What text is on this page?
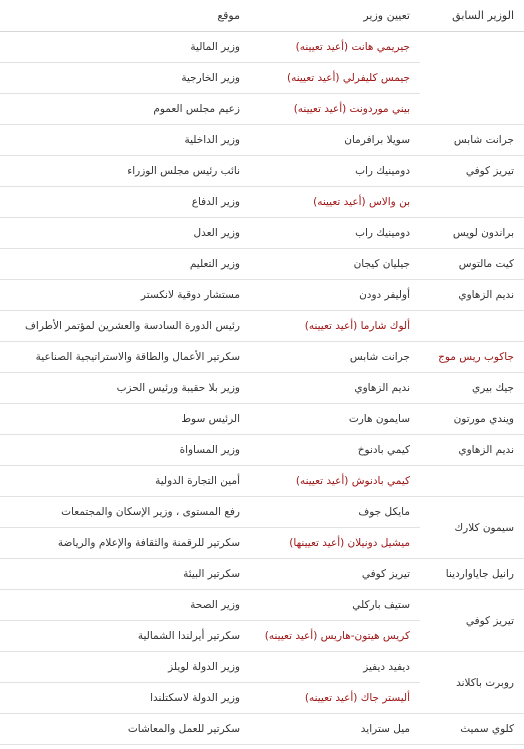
الوزير السابق	تعيين وزير	موقع
	جيريمي هانت (أعيد تعيينه)	وزير المالية
	جيمس كليفرلي (أعيد تعيينه)	وزير الخارجية
	بيني موردونت (أعيد تعيينه)	زعيم مجلس العموم
جرانت شابس	سويلا برافرمان	وزير الداخلية
تيريز كوفي	دومينيك راب	نائب رئيس مجلس الوزراء
	بن والاس (أعيد تعيينه)	وزير الدفاع
براندون لويس	دومينيك راب	وزير العدل
كيت مالتوس	جيليان كيجان	وزير التعليم
نديم الزهاوي	أوليفر دودن	مستشار دوقية لانكستر
	ألوك شارما (أعيد تعيينه)	رئيس الدورة السادسة والعشرين لمؤتمر الأطراف
جاكوب ريس موج	جرانت شابس	سكرتير الأعمال والطاقة والاستراتيجية الصناعية
جيك بيري	نديم الزهاوي	وزير بلا حقيبة ورئيس الحزب
ويندي مورتون	سايمون هارت	الرئيس سوط
نديم الزهاوي	كيمي بادنوخ	وزير المساواة
	كيمي بادنوش (أعيد تعيينه)	أمين التجارة الدولية
سيمون كلارك	مايكل جوف	رفع المستوى ، وزير الإسكان والمجتمعات
	ميشيل دونيلان (أعيد تعيينها)	سكرتير للرقمنة والثقافة والإعلام والرياضة
رانيل جاياواردينا	تيريز كوفي	سكرتير البيئة
تيريز كوفي	ستيف باركلي	وزير الصحة
	كريس هيتون-هاريس (أعيد تعيينه)	سكرتير أيرلندا الشمالية
روبرت باكلاند	ديفيد ديفيز	وزير الدولة لويلز
	أليستر جاك (أعيد تعيينه)	وزير الدولة لاسكتلندا
كلوي سميث	ميل سترايد	سكرتير للعمل والمعاشات
